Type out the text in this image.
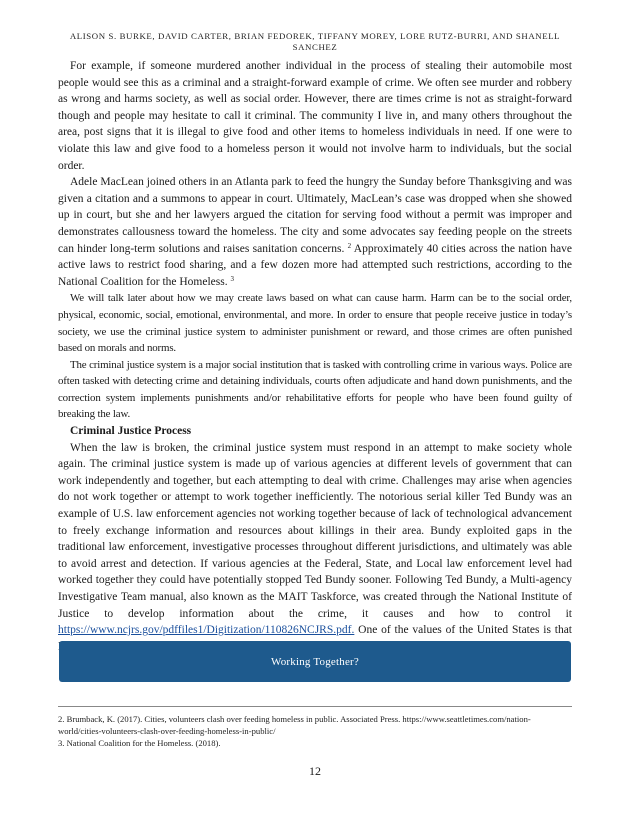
ALISON S. BURKE, DAVID CARTER, BRIAN FEDOREK, TIFFANY MOREY, LORE RUTZ-BURRI, AND SHANELL SANCHEZ

For example, if someone murdered another individual in the process of stealing their automobile most people would see this as a criminal and a straight-forward example of crime. We often see murder and robbery as wrong and harms society, as well as social order. However, there are times crime is not as straight-forward though and people may hesitate to call it criminal. The community I live in, and many others throughout the area, post signs that it is illegal to give food and other items to homeless individuals in need. If one were to violate this law and give food to a homeless person it would not involve harm to individuals, but the social order.

Adele MacLean joined others in an Atlanta park to feed the hungry the Sunday before Thanksgiving and was given a citation and a summons to appear in court. Ultimately, MacLean’s case was dropped when she showed up in court, but she and her lawyers argued the citation for serving food without a permit was improper and demonstrates callousness toward the homeless. The city and some advocates say feeding people on the streets can hinder long-term solutions and raises sanitation concerns. $^2$ Approximately 40 cities across the nation have active laws to restrict food sharing, and a few dozen more had attempted such restrictions, according to the National Coalition for the Homeless. $^3$

We will talk later about how we may create laws based on what can cause harm. Harm can be to the social order, physical, economic, social, emotional, environmental, and more. In order to ensure that people receive justice in today’s society, we use the criminal justice system to administer punishment or reward, and those crimes are often punished based on morals and norms.

The criminal justice system is a major social institution that is tasked with controlling crime in various ways. Police are often tasked with detecting crime and detaining individuals, courts often adjudicate and hand down punishments, and the correction system implements punishments and/or rehabilitative efforts for people who have been found guilty of breaking the law.

Criminal Justice Process

When the law is broken, the criminal justice system must respond in an attempt to make society whole again. The criminal justice system is made up of various agencies at different levels of government that can work independently and together, but each attempting to deal with crime. Challenges may arise when agencies do not work together or attempt to work together inefficiently. The notorious serial killer Ted Bundy was an example of U.S. law enforcement agencies not working together because of lack of technological advancement to freely exchange information and resources about killings in their area. Bundy exploited gaps in the traditional law enforcement, investigative processes throughout different jurisdictions, and ultimately was able to avoid arrest and detection. If various agencies at the Federal, State, and Local law enforcement level had worked together they could have potentially stopped Ted Bundy sooner. Following Ted Bundy, a Multi-agency Investigative Team manual, also known as the MAIT Taskforce, was created through the National Institute of Justice to develop information about the crime, it causes and how to control it https://www.ncjrs.gov/pdffiles1/Digitization/110826NCJRS.pdf. One of the values of the United States is that

Working Together?
2. Brumback, K. (2017). Cities, volunteers clash over feeding homeless in public. Associated Press. https://www.seattletimes.com/nation-world/cities-volunteers-clash-over-feeding-homeless-in-public/
3. National Coalition for the Homeless. (2018).
12
